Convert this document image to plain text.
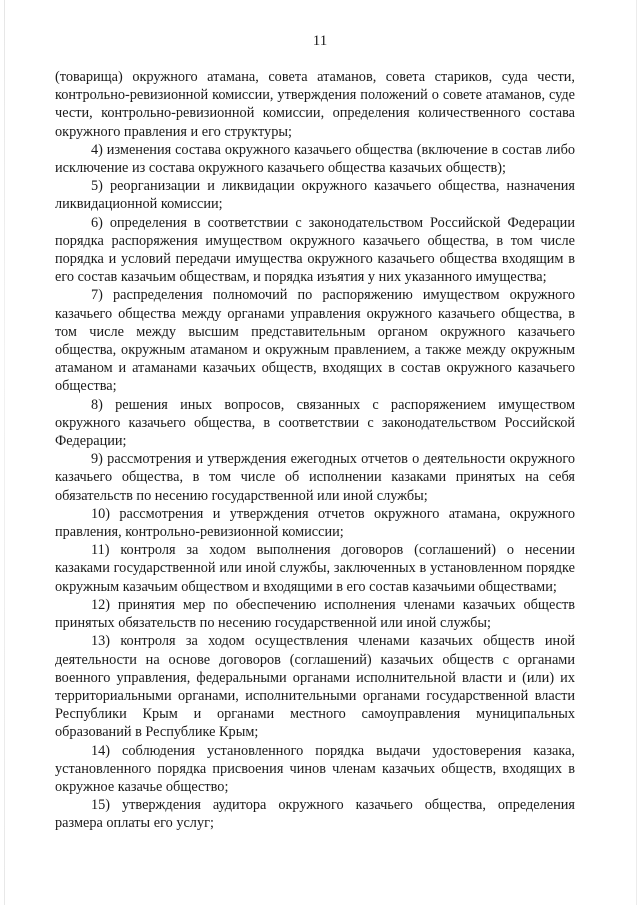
11

(товарища) окружного атамана, совета атаманов, совета стариков, суда чести, контрольно-ревизионной комиссии, утверждения положений о совете атаманов, суде чести, контрольно-ревизионной комиссии, определения количественного состава окружного правления и его структуры;

4) изменения состава окружного казачьего общества (включение в состав либо исключение из состава окружного казачьего общества казачьих обществ);

5) реорганизации и ликвидации окружного казачьего общества, назначения ликвидационной комиссии;

6) определения в соответствии с законодательством Российской Федерации порядка распоряжения имуществом окружного казачьего общества, в том числе порядка и условий передачи имущества окружного казачьего общества входящим в его состав казачьим обществам, и порядка изъятия у них указанного имущества;

7) распределения полномочий по распоряжению имуществом окружного казачьего общества между органами управления окружного казачьего общества, в том числе между высшим представительным органом окружного казачьего общества, окружным атаманом и окружным правлением, а также между окружным атаманом и атаманами казачьих обществ, входящих в состав окружного казачьего общества;

8) решения иных вопросов, связанных с распоряжением имуществом окружного казачьего общества, в соответствии с законодательством Российской Федерации;

9) рассмотрения и утверждения ежегодных отчетов о деятельности окружного казачьего общества, в том числе об исполнении казаками принятых на себя обязательств по несению государственной или иной службы;

10) рассмотрения и утверждения отчетов окружного атамана, окружного правления, контрольно-ревизионной комиссии;

11) контроля за ходом выполнения договоров (соглашений) о несении казаками государственной или иной службы, заключенных в установленном порядке окружным казачьим обществом и входящими в его состав казачьими обществами;

12) принятия мер по обеспечению исполнения членами казачьих обществ принятых обязательств по несению государственной или иной службы;

13) контроля за ходом осуществления членами казачьих обществ иной деятельности на основе договоров (соглашений) казачьих обществ с органами военного управления, федеральными органами исполнительной власти и (или) их территориальными органами, исполнительными органами государственной власти Республики Крым и органами местного самоуправления муниципальных образований в Республике Крым;

14) соблюдения установленного порядка выдачи удостоверения казака, установленного порядка присвоения чинов членам казачьих обществ, входящих в окружное казачье общество;

15) утверждения аудитора окружного казачьего общества, определения размера оплаты его услуг;
